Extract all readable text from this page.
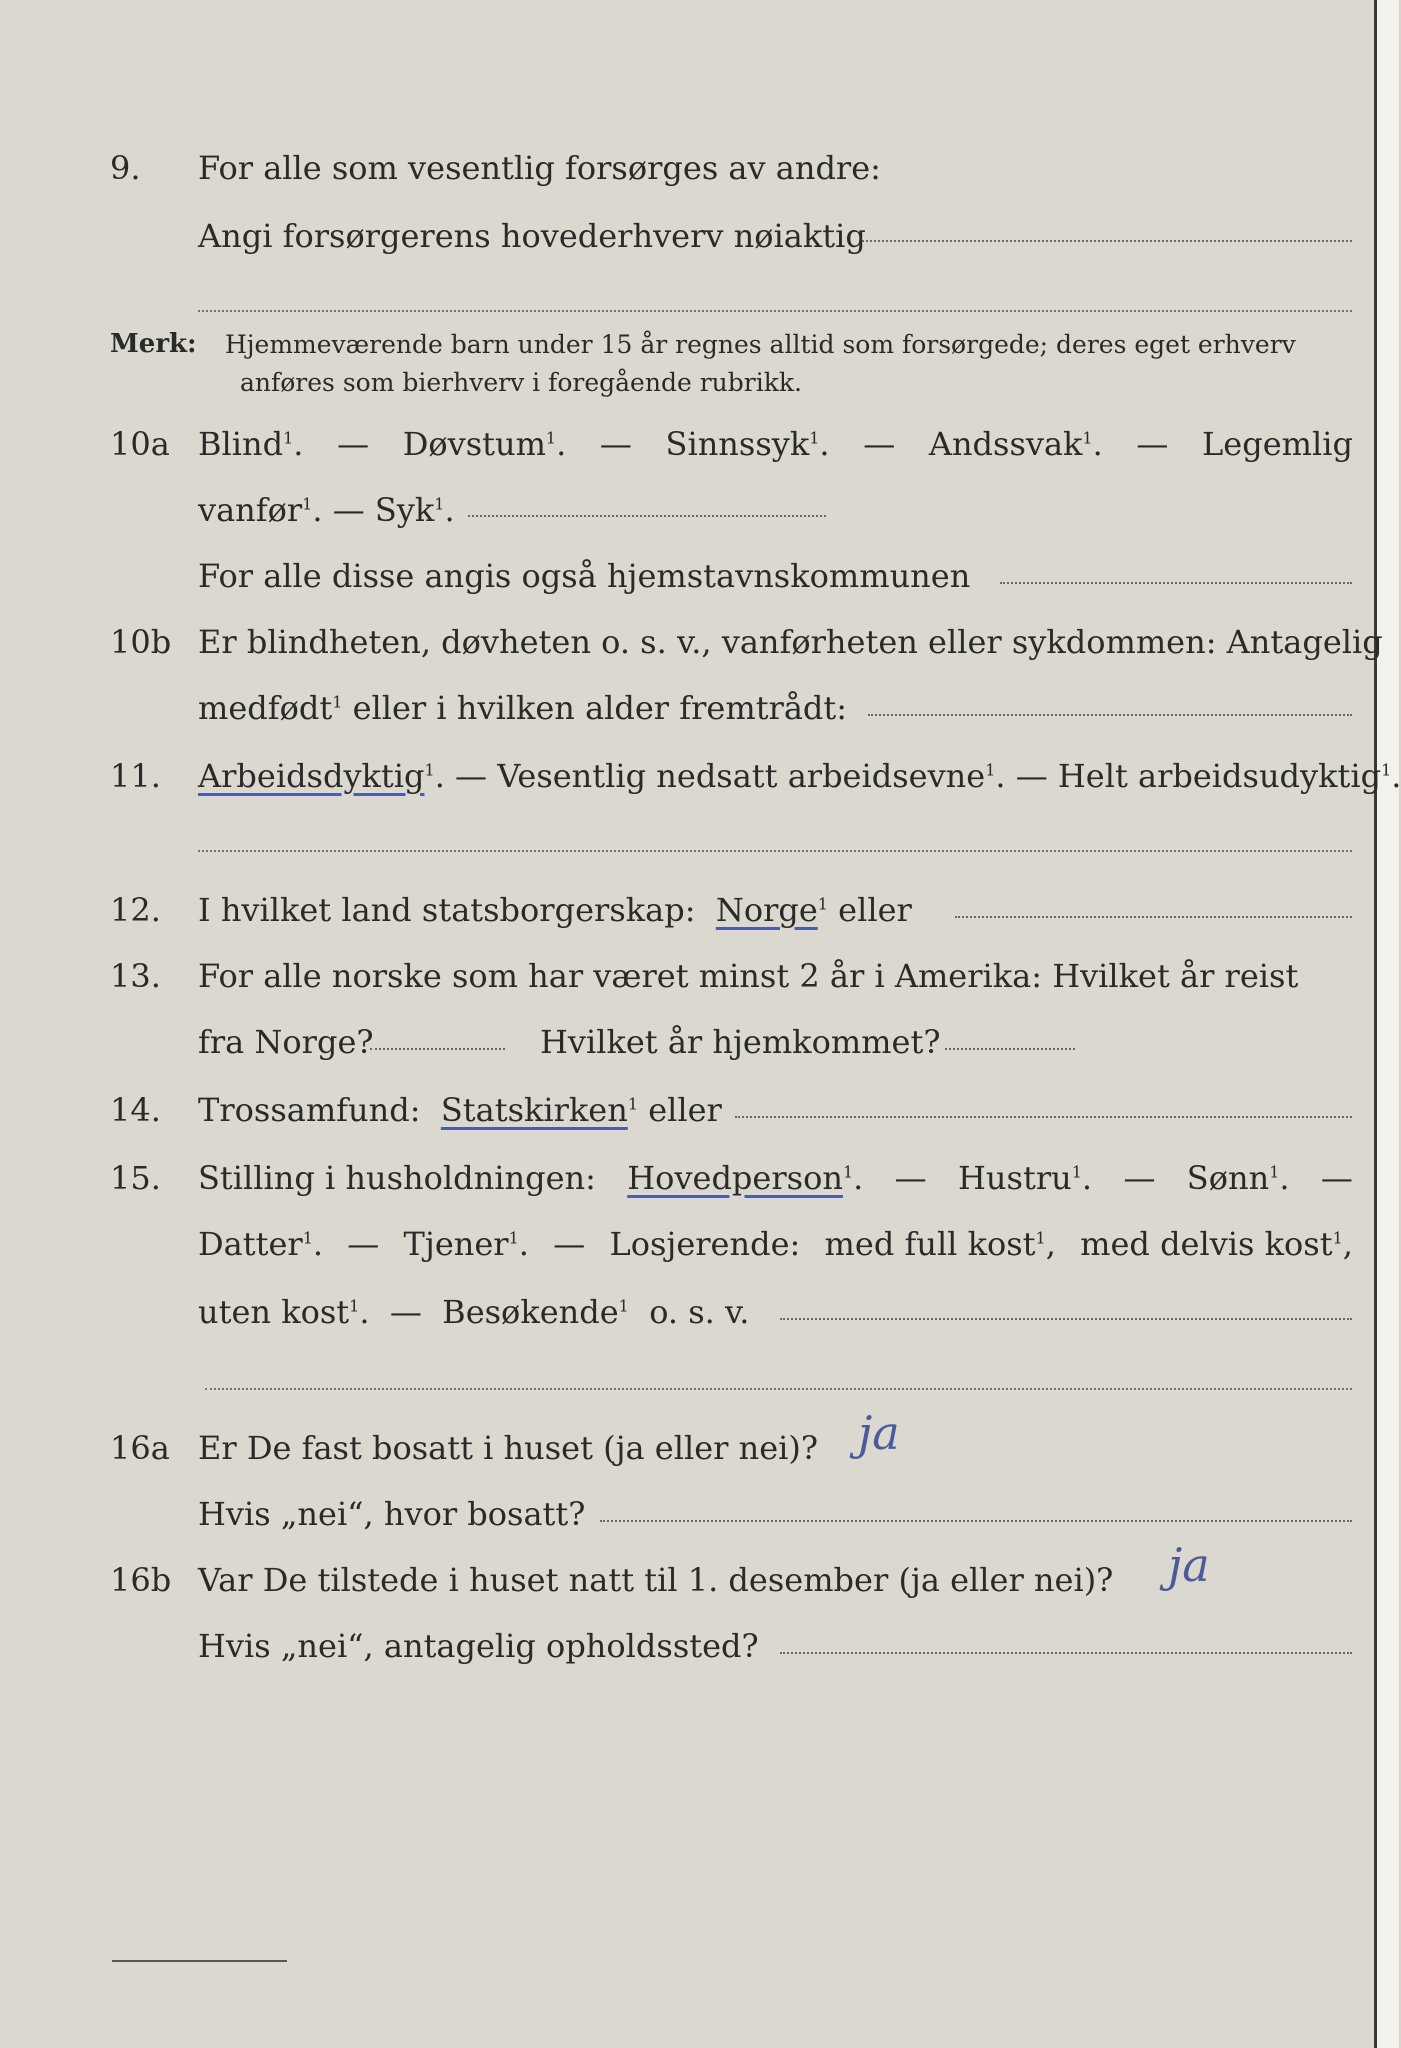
9. For alle som vesentlig forsørges av andre:
Angi forsørgerens hovederhverv nøiaktig
Merk: Hjemmeværende barn under 15 år regnes alltid som forsørgede; deres eget erhverv
anføres som bierhverv i foregående rubrikk.
10a Blind$^1$. — Døvstum$^1$. — Sinnssyk$^1$. — Andssvak$^1$. — Legemlig
vanfør$^1$. — Syk$^1$.
For alle disse angis også hjemstavnskommunen
10b Er blindheten, døvheten o. s. v., vanførheten eller sykdommen: Antagelig
medfødt$^1$ eller i hvilken alder fremtrådt:
11. Arbeidsdyktig$^1$. — Vesentlig nedsatt arbeidsevne$^1$. — Helt arbeidsudyktig$^1$.
12. I hvilket land statsborgerskap: Norge$^1$ eller
13. For alle norske som har været minst 2 år i Amerika: Hvilket år reist
fra Norge?	Hvilket år hjemkommet?
14. Trossamfund: Statskirken$^1$ eller
15. Stilling i husholdningen: Hovedperson$^1$. — Hustru$^1$. — Sønn$^1$. —
Datter$^1$. — Tjener$^1$. — Losjerende: med full kost$^1$, med delvis kost$^1$,
uten kost$^1$. — Besøkende$^1$ o. s. v.
16a Er De fast bosatt i huset (ja eller nei)? ja
Hvis „nei“, hvor bosatt?
16b Var De tilstede i huset natt til 1. desember (ja eller nei)? ja
Hvis „nei“, antagelig opholdssted?
